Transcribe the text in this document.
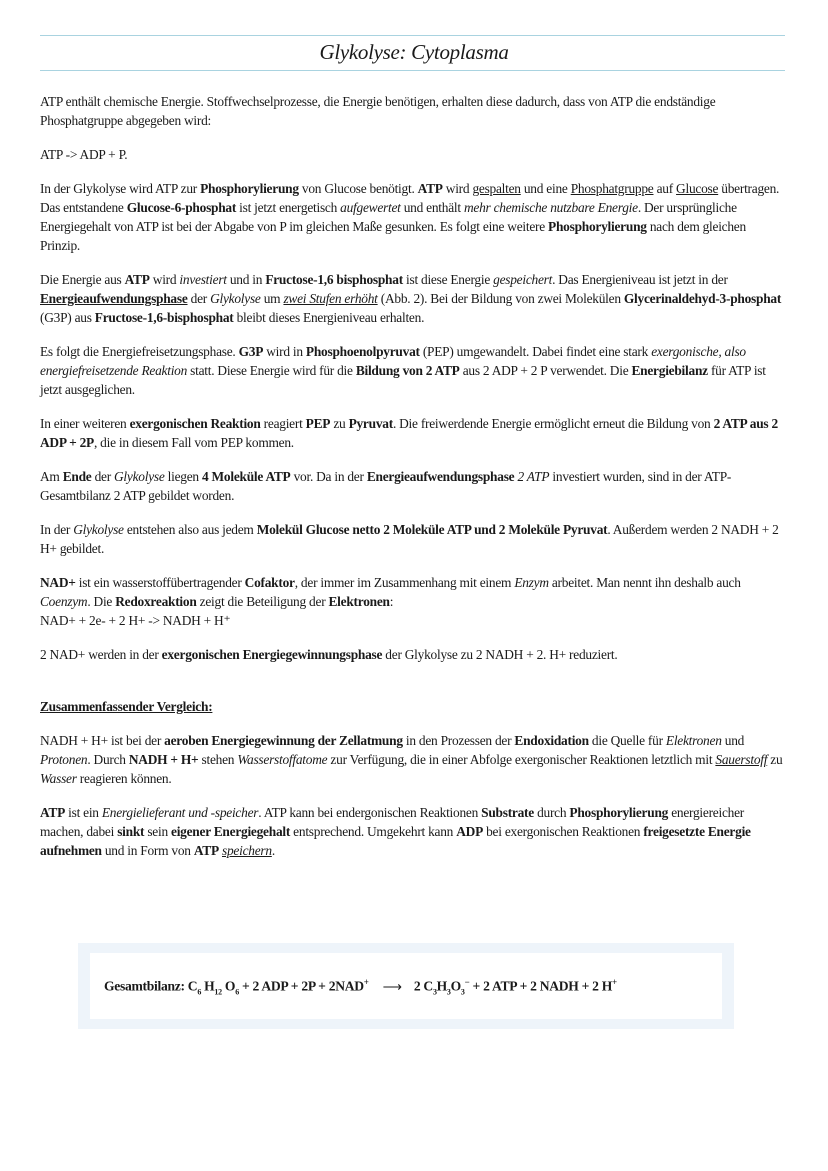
Glykolyse: Cytoplasma

ATP enthält chemische Energie. Stoffwechselprozesse, die Energie benötigen, erhalten diese dadurch, dass von ATP die endständige Phosphatgruppe abgegeben wird:

ATP -> ADP + P.

In der Glykolyse wird ATP zur Phosphorylierung von Glucose benötigt. ATP wird gespalten und eine Phosphatgruppe auf Glucose übertragen. Das entstandene Glucose-6-phosphat ist jetzt energetisch aufgewertet und enthält mehr chemische nutzbare Energie. Der ursprüngliche Energiegehalt von ATP ist bei der Abgabe von P im gleichen Maße gesunken. Es folgt eine weitere Phosphorylierung nach dem gleichen Prinzip.

Die Energie aus ATP wird investiert und in Fructose-1,6 bisphosphat ist diese Energie gespeichert. Das Energieniveau ist jetzt in der Energieaufwendungsphase der Glykolyse um zwei Stufen erhöht (Abb. 2). Bei der Bildung von zwei Molekülen Glycerinaldehyd-3-phosphat (G3P) aus Fructose-1,6-bisphosphat bleibt dieses Energieniveau erhalten.

Es folgt die Energiefreisetzungsphase. G3P wird in Phosphoenolpyruvat (PEP) umgewandelt. Dabei findet eine stark exergonische, also energiefreisetzende Reaktion statt. Diese Energie wird für die Bildung von 2 ATP aus 2 ADP + 2 P verwendet. Die Energiebilanz für ATP ist jetzt ausgeglichen.

In einer weiteren exergonischen Reaktion reagiert PEP zu Pyruvat. Die freiwerdende Energie ermöglicht erneut die Bildung von 2 ATP aus 2 ADP + 2P, die in diesem Fall vom PEP kommen.

Am Ende der Glykolyse liegen 4 Moleküle ATP vor. Da in der Energieaufwendungsphase 2 ATP investiert wurden, sind in der ATP-Gesamtbilanz 2 ATP gebildet worden.

In der Glykolyse entstehen also aus jedem Molekül Glucose netto 2 Moleküle ATP und 2 Moleküle Pyruvat. Außerdem werden 2 NADH + 2 H+ gebildet.

NAD+ ist ein wasserstoffübertragender Cofaktor, der immer im Zusammenhang mit einem Enzym arbeitet. Man nennt ihn deshalb auch Coenzym. Die Redoxreaktion zeigt die Beteiligung der Elektronen:
NAD+ + 2e- + 2 H+ -> NADH + H⁺

2 NAD+ werden in der exergonischen Energiegewinnungsphase der Glykolyse zu 2 NADH + 2. H+ reduziert.

Zusammenfassender Vergleich:

NADH + H+ ist bei der aeroben Energiegewinnung der Zellatmung in den Prozessen der Endoxidation die Quelle für Elektronen und Protonen. Durch NADH + H+ stehen Wasserstoffatome zur Verfügung, die in einer Abfolge exergonischer Reaktionen letztlich mit Sauerstoff zu Wasser reagieren können.

ATP ist ein Energielieferant und -speicher. ATP kann bei endergonischen Reaktionen Substrate durch Phosphorylierung energiereicher machen, dabei sinkt sein eigener Energiegehalt entsprechend. Umgekehrt kann ADP bei exergonischen Reaktionen freigesetzte Energie aufnehmen und in Form von ATP speichern.

Gesamtbilanz: $C_6$ $H_{12}$ $O_6 + 2$ ADP + 2P + 2NAD+ ⟶ 2 $C_3H_3O_3^- + 2$ ATP + 2 NADH + 2 H+
